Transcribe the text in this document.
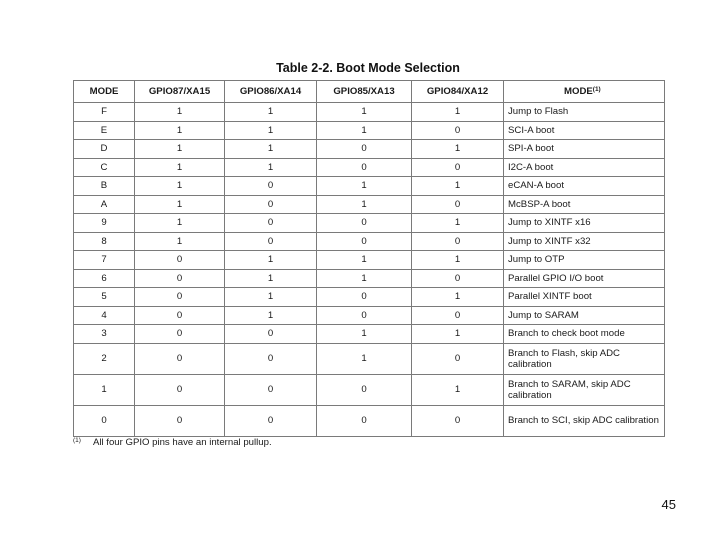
Table 2-2. Boot Mode Selection
MODE	GPIO87/XA15	GPIO86/XA14	GPIO85/XA13	GPIO84/XA12	MODE$^{(1)}$
F	1	1	1	1	Jump to Flash
E	1	1	1	0	SCI-A boot
D	1	1	0	1	SPI-A boot
C	1	1	0	0	I2C-A boot
B	1	0	1	1	eCAN-A boot
A	1	0	1	0	McBSP-A boot
9	1	0	0	1	Jump to XINTF x16
8	1	0	0	0	Jump to XINTF x32
7	0	1	1	1	Jump to OTP
6	0	1	1	0	Parallel GPIO I/O boot
5	0	1	0	1	Parallel XINTF boot
4	0	1	0	0	Jump to SARAM
3	0	0	1	1	Branch to check boot mode
2	0	0	1	0	Branch to Flash, skip ADC calibration
1	0	0	0	1	Branch to SARAM, skip ADC calibration
0	0	0	0	0	Branch to SCI, skip ADC calibration
$^{(1)}$ All four GPIO pins have an internal pullup.
45
